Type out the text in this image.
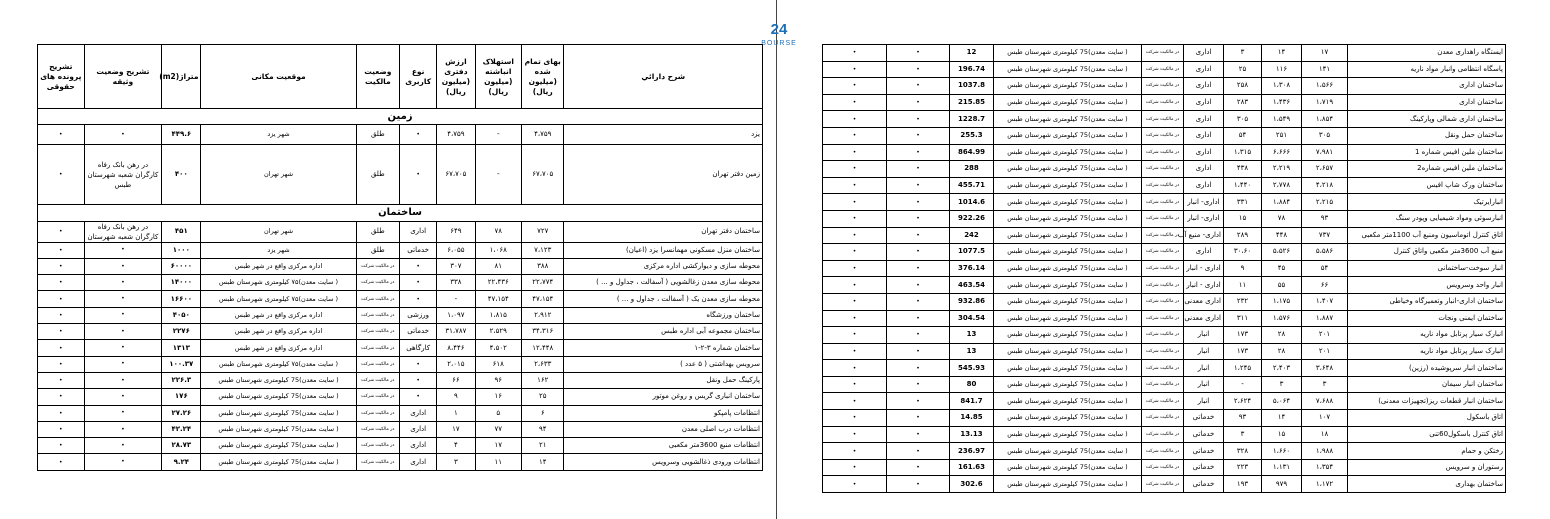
24
BOURSE
شرح دارائي	بهای تمام شده (میلیون ریال)	استهلاک انباشته (میلیون ریال)	ارزش دفتری (میلیون ریال)	نوع کاربری	وضعیت مالکیت	موقعیت مکانی	متراژ(m2)	تشریح وضعیت وثیقه	تشریح پرونده های حقوقی
زمین									
یزد	۴،۷۵۹	-	۴،۷۵۹	•	طلق	شهر یزد	۴۴۹.۶	•	•
زمین دفتر تهران	۶۷،۷۰۵	-	۶۷،۷۰۵	•	طلق	شهر تهران	۴۰۰	در رهن بانک رفاه کارگران شعبه شهرستان طبس	•
ساختمان									
ساختمان دفتر تهران	۷۲۷	۷۸	۶۴۹	اداری	طلق	شهر تهران	۴۵۱	در رهن بانک رفاه کارگران شعبه شهرستان	•
ساختمان منزل مسکونی مهمانسرا یزد (اعیان)	۷،۱۲۳	۱،۰۶۸	۶،۰۵۵	خدماتی	طلق	شهر یزد	۱۰۰۰	•	•
محوطه سازی و دیوارکشی اداره مرکزی	۳۸۸	۸۱	۳۰۷	•	در مالکیت شرکت	اداره مرکزی واقع در شهر طبس	۶۰۰۰۰	•	•
محوطه سازی معدن زغالشویی ( آسفالت ، جداول و ... )	۲۲،۷۷۴	۲۲،۴۳۶	۳۳۸	•	در مالکیت شرکت	( سایت معدن)۷۵ کیلومتری شهرستان طبس	۱۴۰۰۰	•	•
محوطه سازی معدن یک ( آسفالت ، جداول و ... )	۴۷،۱۵۴	۴۷،۱۵۴	-	•	در مالکیت شرکت	( سایت معدن)۷۵ کیلومتری شهرستان طبس	۱۶۶۰۰	•	•
ساختمان ورزشگاه	۲،۹۱۲	۱،۸۱۵	۱،۰۹۷	ورزشی	در مالکیت شرکت	اداره مرکزی واقع در شهر طبس	۴۰۵۰	•	•
ساختمان مجموعه آبی اداره طبس	۳۴،۳۱۶	۲،۵۲۹	۳۱،۷۸۷	خدماتی	در مالکیت شرکت	اداره مرکزی واقع در شهر طبس	۲۲۷۶	•	•
ساختمان شماره ۳-۲-۱	۱۲،۴۴۸	۴،۵۰۲	۸،۴۴۶	کارگاهی	در مالکیت شرکت	اداره مرکزی واقع در شهر طبس	۱۳۱۳	•	•
سرویس بهداشتی ( ۵ عدد )	۲،۶۳۳	۶۱۸	۲،۰۱۵	•	در مالکیت شرکت	( سایت معدن)۷۵ کیلومتری شهرستان طبس	۱۰۰.۳۷	•	•
پارکینگ حمل ونقل	۱۶۲	۹۶	۶۶	•	در مالکیت شرکت	( سایت معدن)75 کیلومتری شهرستان طبس	۲۲۶.۳	•	•
ساختمان انباری گریس و روغن موتور	۲۵	۱۶	۹	•	در مالکیت شرکت	( سایت معدن)75 کیلومتری شهرستان طبس	۱۷۶	•	•
انتظامات پامپکو	۶	۵	۱	اداری	در مالکیت شرکت	( سایت معدن)75 کیلومتری شهرستان طبس	۲۷.۲۶	•	•
انتظامات درب اصلی معدن	۹۴	۷۷	۱۷	اداری	در مالکیت شرکت	( سایت معدن)75 کیلومتری شهرستان طبس	۴۲.۲۴	•	•
انتظامات منبع 3600متر مکعبی	۲۱	۱۷	۴	اداری	در مالکیت شرکت	( سایت معدن)75 کیلومتری شهرستان طبس	۲۸.۷۳	•	•
انتظامات ورودی ذغالشویی وسرویس	۱۴	۱۱	۳	اداری	در مالکیت شرکت	( سایت معدن)75 کیلومتری شهرستان طبس	۹.۲۴	•	•
ایستگاه راهداری معدن	۱۷	۱۴	۳	اداری	در مالکیت شرکت	( سایت معدن)75 کیلومتری شهرستان طبس	12	•	•
پاسگاه انتظامی وانبار مواد ناریه	۱۴۱	۱۱۶	۲۵	اداری	در مالکیت شرکت	( سایت معدن)75 کیلومتری شهرستان طبس	196.74	•	•
ساختمان اداری	۱،۵۶۶	۱،۳۰۸	۲۵۸	اداری	در مالکیت شرکت	( سایت معدن)75 کیلومتری شهرستان طبس	1037.8	•	•
ساختمان اداری	۱،۷۱۹	۱،۴۳۶	۲۸۳	اداری	در مالکیت شرکت	( سایت معدن)75 کیلومتری شهرستان طبس	215.85	•	•
ساختمان اداری شمالی وپارکینگ	۱،۸۵۴	۱،۵۴۹	۳۰۵	اداری	در مالکیت شرکت	( سایت معدن)75 کیلومتری شهرستان طبس	1228.7	•	•
ساختمان حمل ونقل	۳۰۵	۲۵۱	۵۴	اداری	در مالکیت شرکت	( سایت معدن)75 کیلومتری شهرستان طبس	255.3	•	•
ساختمان ملین افیس شماره 1	۷،۹۸۱	۶،۶۶۶	۱،۳۱۵	اداری	در مالکیت شرکت	( سایت معدن)75 کیلومتری شهرستان طبس	864.99	•	•
ساختمان ملین افیس شماره2	۲،۶۵۷	۲،۲۱۹	۴۳۸	اداری	در مالکیت شرکت	( سایت معدن)75 کیلومتری شهرستان طبس	288	•	•
ساختمان ورک شاپ افیس	۴،۲۱۸	۲،۷۷۸	۱،۴۴۰	اداری	در مالکیت شرکت	( سایت معدن)75 کیلومتری شهرستان طبس	455.71	•	•
انبارایرتیک	۲،۲۱۵	۱،۸۸۴	۳۳۱	اداری- انبار	در مالکیت شرکت	( سایت معدن)75 کیلومتری شهرستان طبس	1014.6	•	•
انبارسوئی ومواد شیمیایی وپودر سنگ	۹۳	۷۸	۱۵	اداری- انبار	در مالکیت شرکت	( سایت معدن)75 کیلومتری شهرستان طبس	922.26	•	•
اتاق کنترل اتوماسیون ومنبع آب 1100متر مکعبی	۷۳۷	۴۴۸	۲۸۹	اداری- منبع آب	در مالکیت شرکت	( سایت معدن)75 کیلومتری شهرستان طبس	242	•	•
منبع آب 3600متر مکعبی واتاق کنترل	۵،۵۸۶	۵،۵۲۶	۳۰،۶۰	اداری	در مالکیت شرکت	( سایت معدن)75 کیلومتری شهرستان طبس	1077.5	•	•
انبار سوخت-ساختمانی	۵۴	۴۵	۹	اداری - انبار	در مالکیت شرکت	( سایت معدن)75 کیلومتری شهرستان طبس	376.14	•	•
انبار واحد وسرویس	۶۶	۵۵	۱۱	اداری - انبار	در مالکیت شرکت	( سایت معدن)75 کیلومتری شهرستان طبس	463.54	•	•
ساختمان اداری-انبار وتعمیرگاه وخیاطی	۱،۴۰۷	۱،۱۷۵	۲۳۲	اداری معدنی	در مالکیت شرکت	( سایت معدن)75 کیلومتری شهرستان طبس	932.86	•	•
ساختمان ایمنی ونجات	۱،۸۸۷	۱،۵۷۶	۳۱۱	اداری معدنی	در مالکیت شرکت	( سایت معدن)75 کیلومتری شهرستان طبس	304.54	•	•
انبارک سیار پرتابل مواد ناریه	۲۰۱	۲۸	۱۷۳	انبار	در مالکیت شرکت	( سایت معدن)75 کیلومتری شهرستان طبس	13	•	•
انبارک سیار پرتابل مواد ناریه	۲۰۱	۲۸	۱۷۳	انبار	در مالکیت شرکت	( سایت معدن)75 کیلومتری شهرستان طبس	13	•	•
ساختمان انبار سرپوشیده (رزین)	۳،۶۴۸	۲،۴۰۳	۱،۲۴۵	انبار	در مالکیت شرکت	( سایت معدن)75 کیلومتری شهرستان طبس	545.93	•	•
ساختمان انبار سیمان	۳	۳	-	انبار	در مالکیت شرکت	( سایت معدن)75 کیلومتری شهرستان طبس	80	•	•
ساختمان انبار قطعات ریز(تجهیزات معدنی)	۷،۶۸۸	۵،۰۶۴	۲،۶۲۴	انبار	در مالکیت شرکت	( سایت معدن)75 کیلومتری شهرستان طبس	841.7	•	•
اتاق باسکول	۱۰۷	۱۴	۹۳	خدماتی	در مالکیت شرکت	( سایت معدن)75 کیلومتری شهرستان طبس	14.85	•	•
اتاق کنترل باسکول60تنی	۱۸	۱۵	۳	خدماتی	در مالکیت شرکت	( سایت معدن)75 کیلومتری شهرستان طبس	13.13	•	•
رختکن و حمام	۱،۹۸۸	۱،۶۶۰	۳۲۸	خدماتی	در مالکیت شرکت	( سایت معدن)75 کیلومتری شهرستان طبس	236.97	•	•
رستوران و سرویس	۱،۳۵۴	۱،۱۳۱	۲۲۳	خدماتی	در مالکیت شرکت	( سایت معدن)75 کیلومتری شهرستان طبس	161.63	•	•
ساختمان بهداری	۱،۱۷۲	۹۷۹	۱۹۳	خدماتی	در مالکیت شرکت	( سایت معدن)75 کیلومتری شهرستان طبس	302.6	•	•
